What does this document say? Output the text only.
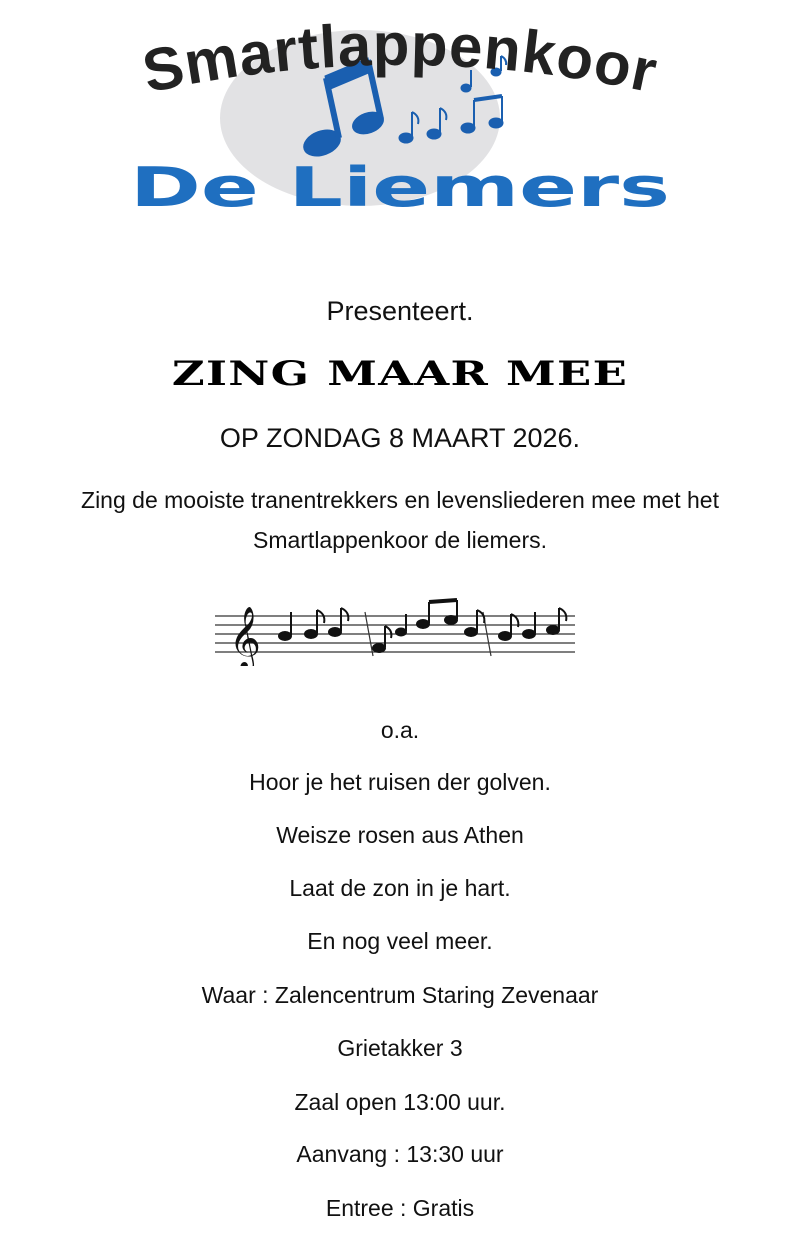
Smartlappenkoor
De Liemers
Presenteert.
ZING MAAR MEE
OP ZONDAG 8 MAART 2026.
Zing de mooiste tranentrekkers en levensliederen mee met het Smartlappenkoor de liemers.
𝄞
o.a.
Hoor je het ruisen der golven.
Weisze rosen aus Athen
Laat de zon in je hart.
En nog veel meer.
Waar : Zalencentrum Staring Zevenaar
Grietakker 3
Zaal open 13:00 uur.
Aanvang : 13:30 uur
Entree : Gratis
